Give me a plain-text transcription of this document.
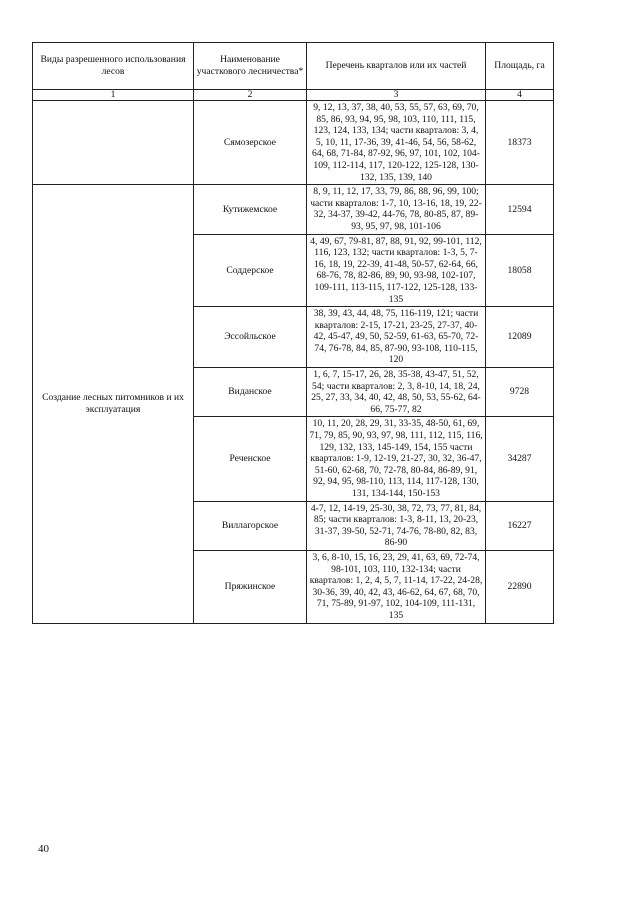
Виды разрешенного использования лесов	Наименование участкового лесничества*	Перечень кварталов или их частей	Площадь, га
1	2	3	4
	Сямозерское	9, 12, 13, 37, 38, 40, 53, 55, 57, 63, 69, 70, 85, 86, 93, 94, 95, 98, 103, 110, 111, 115, 123, 124, 133, 134; части кварталов: 3, 4, 5, 10, 11, 17-36, 39, 41-46, 54, 56, 58-62, 64, 68, 71-84, 87-92, 96, 97, 101, 102, 104-109, 112-114, 117, 120-122, 125-128, 130-132, 135, 139, 140	18373
Создание лесных питомников и их эксплуатация	Кутижемское	8, 9, 11, 12, 17, 33, 79, 86, 88, 96, 99, 100; части кварталов: 1-7, 10, 13-16, 18, 19, 22-32, 34-37, 39-42, 44-76, 78, 80-85, 87, 89-93, 95, 97, 98, 101-106	12594
	Соддерское	4, 49, 67, 79-81, 87, 88, 91, 92, 99-101, 112, 116, 123, 132; части кварталов: 1-3, 5, 7-16, 18, 19, 22-39, 41-48, 50-57, 62-64, 66, 68-76, 78, 82-86, 89, 90, 93-98, 102-107, 109-111, 113-115, 117-122, 125-128, 133-135	18058
	Эссойльское	38, 39, 43, 44, 48, 75, 116-119, 121; части кварталов: 2-15, 17-21, 23-25, 27-37, 40-42, 45-47, 49, 50, 52-59, 61-63, 65-70, 72-74, 76-78, 84, 85, 87-90, 93-108, 110-115, 120	12089
	Виданское	1, 6, 7, 15-17, 26, 28, 35-38, 43-47, 51, 52, 54; части кварталов: 2, 3, 8-10, 14, 18, 24, 25, 27, 33, 34, 40, 42, 48, 50, 53, 55-62, 64-66, 75-77, 82	9728
	Реченское	10, 11, 20, 28, 29, 31, 33-35, 48-50, 61, 69, 71, 79, 85, 90, 93, 97, 98, 111, 112, 115, 116, 129, 132, 133, 145-149, 154, 155 части кварталов: 1-9, 12-19, 21-27, 30, 32, 36-47, 51-60, 62-68, 70, 72-78, 80-84, 86-89, 91, 92, 94, 95, 98-110, 113, 114, 117-128, 130, 131, 134-144, 150-153	34287
	Виллагорское	4-7, 12, 14-19, 25-30, 38, 72, 73, 77, 81, 84, 85; части кварталов: 1-3, 8-11, 13, 20-23, 31-37, 39-50, 52-71, 74-76, 78-80, 82, 83, 86-90	16227
	Пряжинское	3, 6, 8-10, 15, 16, 23, 29, 41, 63, 69, 72-74, 98-101, 103, 110, 132-134; части кварталов: 1, 2, 4, 5, 7, 11-14, 17-22, 24-28, 30-36, 39, 40, 42, 43, 46-62, 64, 67, 68, 70, 71, 75-89, 91-97, 102, 104-109, 111-131, 135	22890
40
